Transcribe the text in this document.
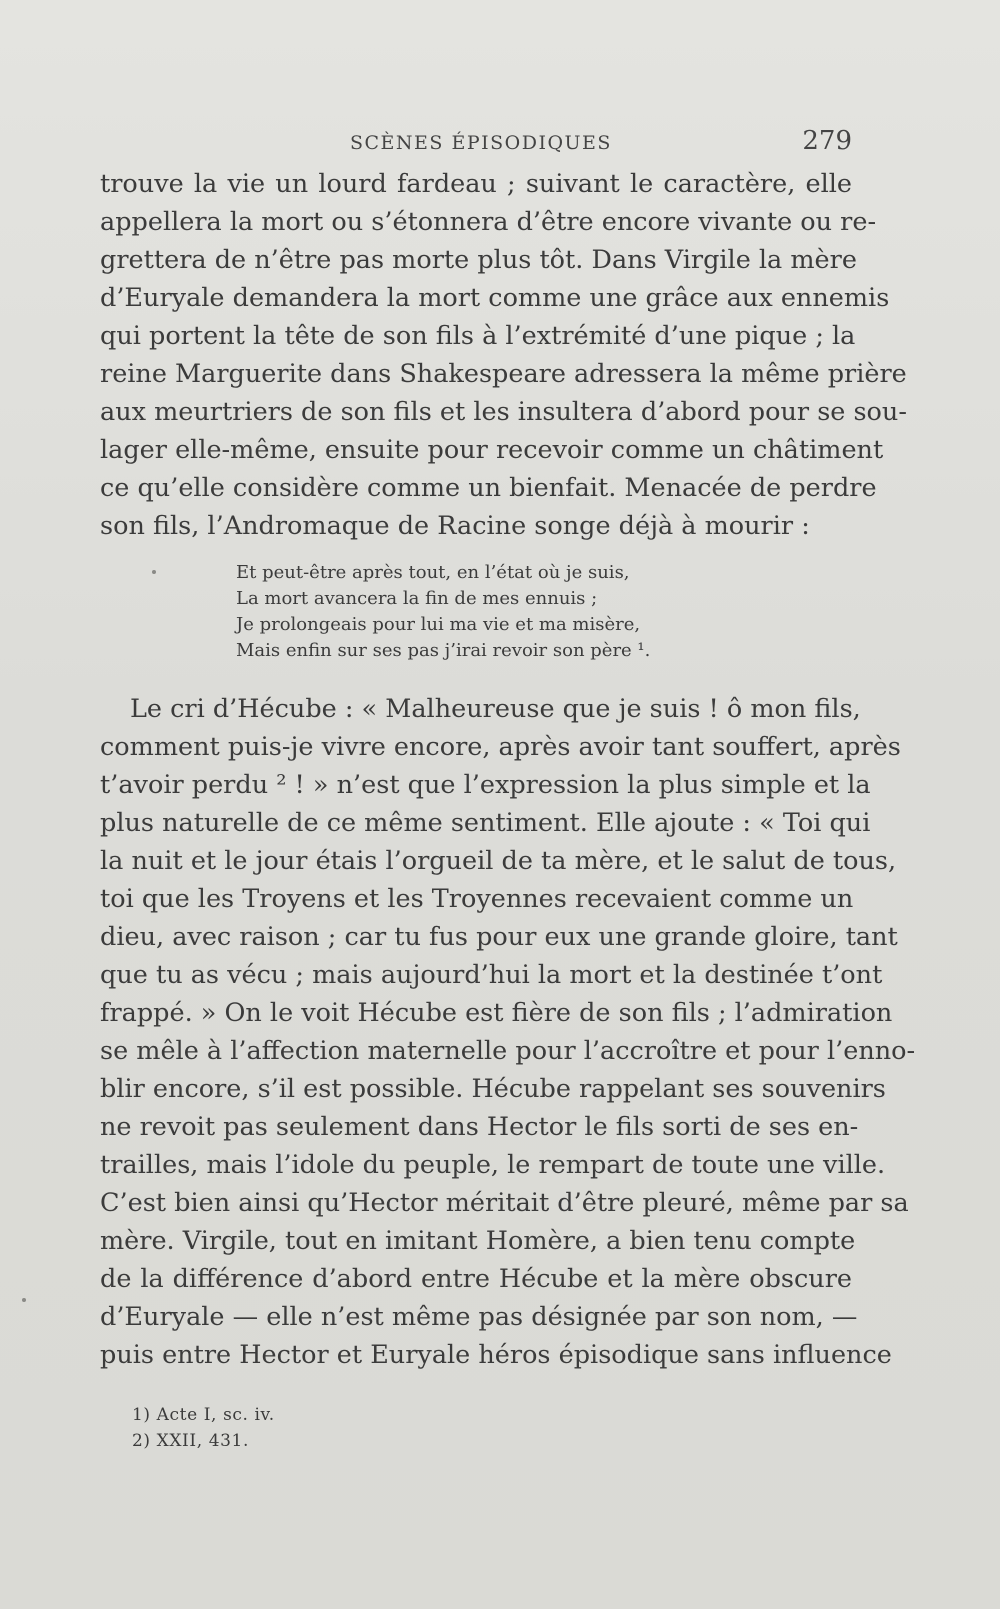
SCÈNES ÉPISODIQUES	279
trouve la vie un lourd fardeau ; suivant le caractère, elle
appellera la mort ou s’étonnera d’être encore vivante ou re-
grettera de n’être pas morte plus tôt. Dans Virgile la mère
d’Euryale demandera la mort comme une grâce aux ennemis
qui portent la tête de son fils à l’extrémité d’une pique ; la
reine Marguerite dans Shakespeare adressera la même prière
aux meurtriers de son fils et les insultera d’abord pour se sou-
lager elle-même, ensuite pour recevoir comme un châtiment
ce qu’elle considère comme un bienfait. Menacée de perdre
son fils, l’Andromaque de Racine songe déjà à mourir :
Et peut-être après tout, en l’état où je suis,
La mort avancera la fin de mes ennuis ;
Je prolongeais pour lui ma vie et ma misère,
Mais enfin sur ses pas j’irai revoir son père ¹.
Le cri d’Hécube : « Malheureuse que je suis ! ô mon fils,
comment puis-je vivre encore, après avoir tant souffert, après
t’avoir perdu ² ! » n’est que l’expression la plus simple et la
plus naturelle de ce même sentiment. Elle ajoute : « Toi qui
la nuit et le jour étais l’orgueil de ta mère, et le salut de tous,
toi que les Troyens et les Troyennes recevaient comme un
dieu, avec raison ; car tu fus pour eux une grande gloire, tant
que tu as vécu ; mais aujourd’hui la mort et la destinée t’ont
frappé. » On le voit Hécube est fière de son fils ; l’admiration
se mêle à l’affection maternelle pour l’accroître et pour l’enno-
blir encore, s’il est possible. Hécube rappelant ses souvenirs
ne revoit pas seulement dans Hector le fils sorti de ses en-
trailles, mais l’idole du peuple, le rempart de toute une ville.
C’est bien ainsi qu’Hector méritait d’être pleuré, même par sa
mère. Virgile, tout en imitant Homère, a bien tenu compte
de la différence d’abord entre Hécube et la mère obscure
d’Euryale — elle n’est même pas désignée par son nom, —
puis entre Hector et Euryale héros épisodique sans influence
1) Acte I, sc. iv.
2) XXII, 431.
